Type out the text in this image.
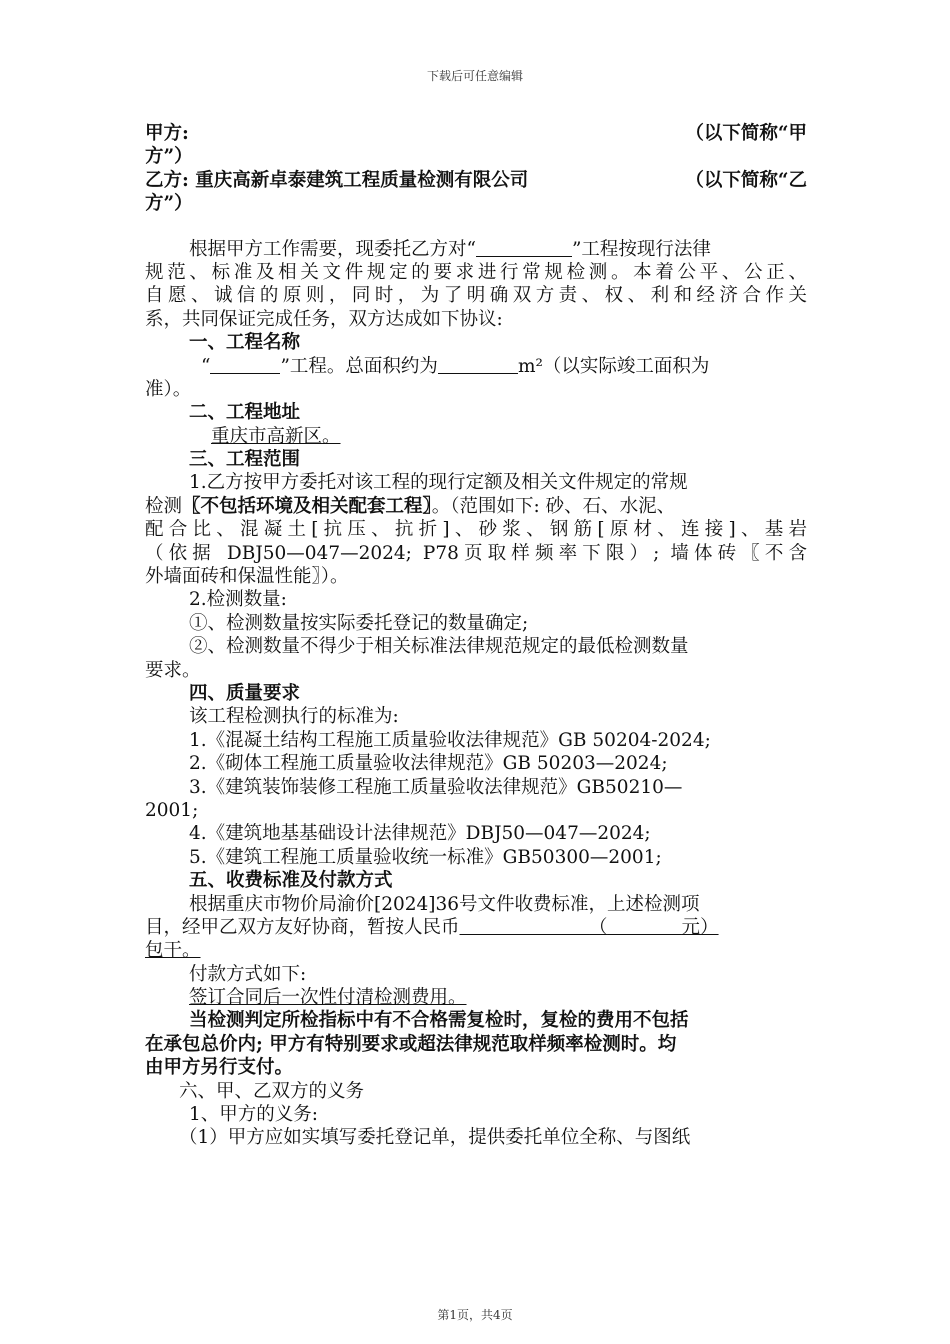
下载后可任意编辑
甲方:	（以下简称“甲
方”）
乙方: 重庆高新卓泰建筑工程质量检测有限公司	（以下简称“乙
方”）
根据甲方工作需要，现委托乙方对“	”工程按现行法律
规范、标准及相关文件规定的要求进行常规检测。本着公平、公正、
自愿、诚信的原则，同时，为了明确双方责、权、利和经济合作关
系，共同保证完成任务，双方达成如下协议:
一、工程名称
“	”工程。总面积约为	m²（以实际竣工面积为
准）。
二、工程地址
重庆市高新区。
三、工程范围
1.乙方按甲方委托对该工程的现行定额及相关文件规定的常规
检测〖不包括环境及相关配套工程〗。（范围如下: 砂、石、水泥、
配合比、混凝土[抗压、抗折]、砂浆、钢筋[原材、连接]、基岩
（依据 DBJ50—047—2024; P78页取样频率下限）; 墙体砖〖不含
外墙面砖和保温性能〗）。
2.检测数量:
①、检测数量按实际委托登记的数量确定;
②、检测数量不得少于相关标准法律规范规定的最低检测数量
要求。
四、质量要求
该工程检测执行的标准为:
1.《混凝土结构工程施工质量验收法律规范》GB 50204-2024;
2.《砌体工程施工质量验收法律规范》GB 50203—2024;
3.《建筑装饰装修工程施工质量验收法律规范》GB50210—
2001;
4.《建筑地基基础设计法律规范》DBJ50—047—2024;
5.《建筑工程施工质量验收统一标准》GB50300—2001;
五、收费标准及付款方式
根据重庆市物价局渝价[2024]36号文件收费标准，上述检测项
目，经甲乙双方友好协商，暂按人民币       	（    	元）
包干。
付款方式如下:
签订合同后一次性付清检测费用。 
当检测判定所检指标中有不合格需复检时，复检的费用不包括
在承包总价内; 甲方有特别要求或超法律规范取样频率检测时。均
由甲方另行支付。
六、甲、乙双方的义务
1、甲方的义务:
（1）甲方应如实填写委托登记单，提供委托单位全称、与图纸
第1页，共4页
